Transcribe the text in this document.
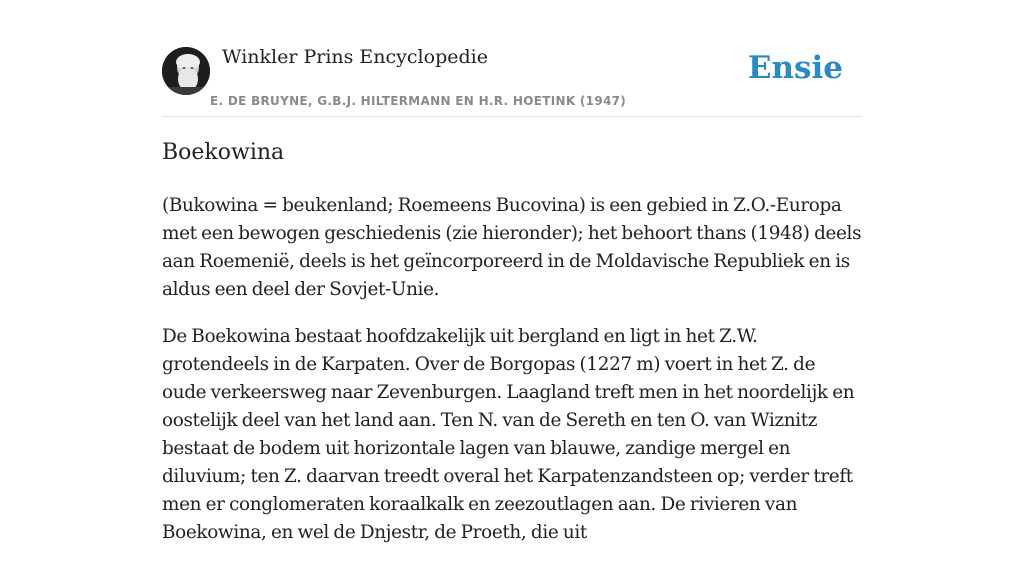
Winkler Prins Encyclopedie
E. DE BRUYNE, G.B.J. HILTERMANN EN H.R. HOETINK (1947)
Ensie
Boekowina

(Bukowina = beukenland; Roemeens Bucovina) is een gebied in Z.O.-Europa met een bewogen geschiedenis (zie hieronder); het behoort thans (1948) deels aan Roemenië, deels is het geïncorporeerd in de Moldavische Republiek en is aldus een deel der Sovjet-Unie.

De Boekowina bestaat hoofdzakelijk uit bergland en ligt in het Z.W. grotendeels in de Karpaten. Over de Borgopas (1227 m) voert in het Z. de oude verkeersweg naar Zevenburgen. Laagland treft men in het noordelijk en oostelijk deel van het land aan. Ten N. van de Sereth en ten O. van Wiznitz bestaat de bodem uit horizontale lagen van blauwe, zandige mergel en diluvium; ten Z. daarvan treedt overal het Karpatenzandsteen op; verder treft men er conglomeraten koraalkalk en zeezoutlagen aan. De rivieren van Boekowina, en wel de Dnjestr, de Proeth, die uit
